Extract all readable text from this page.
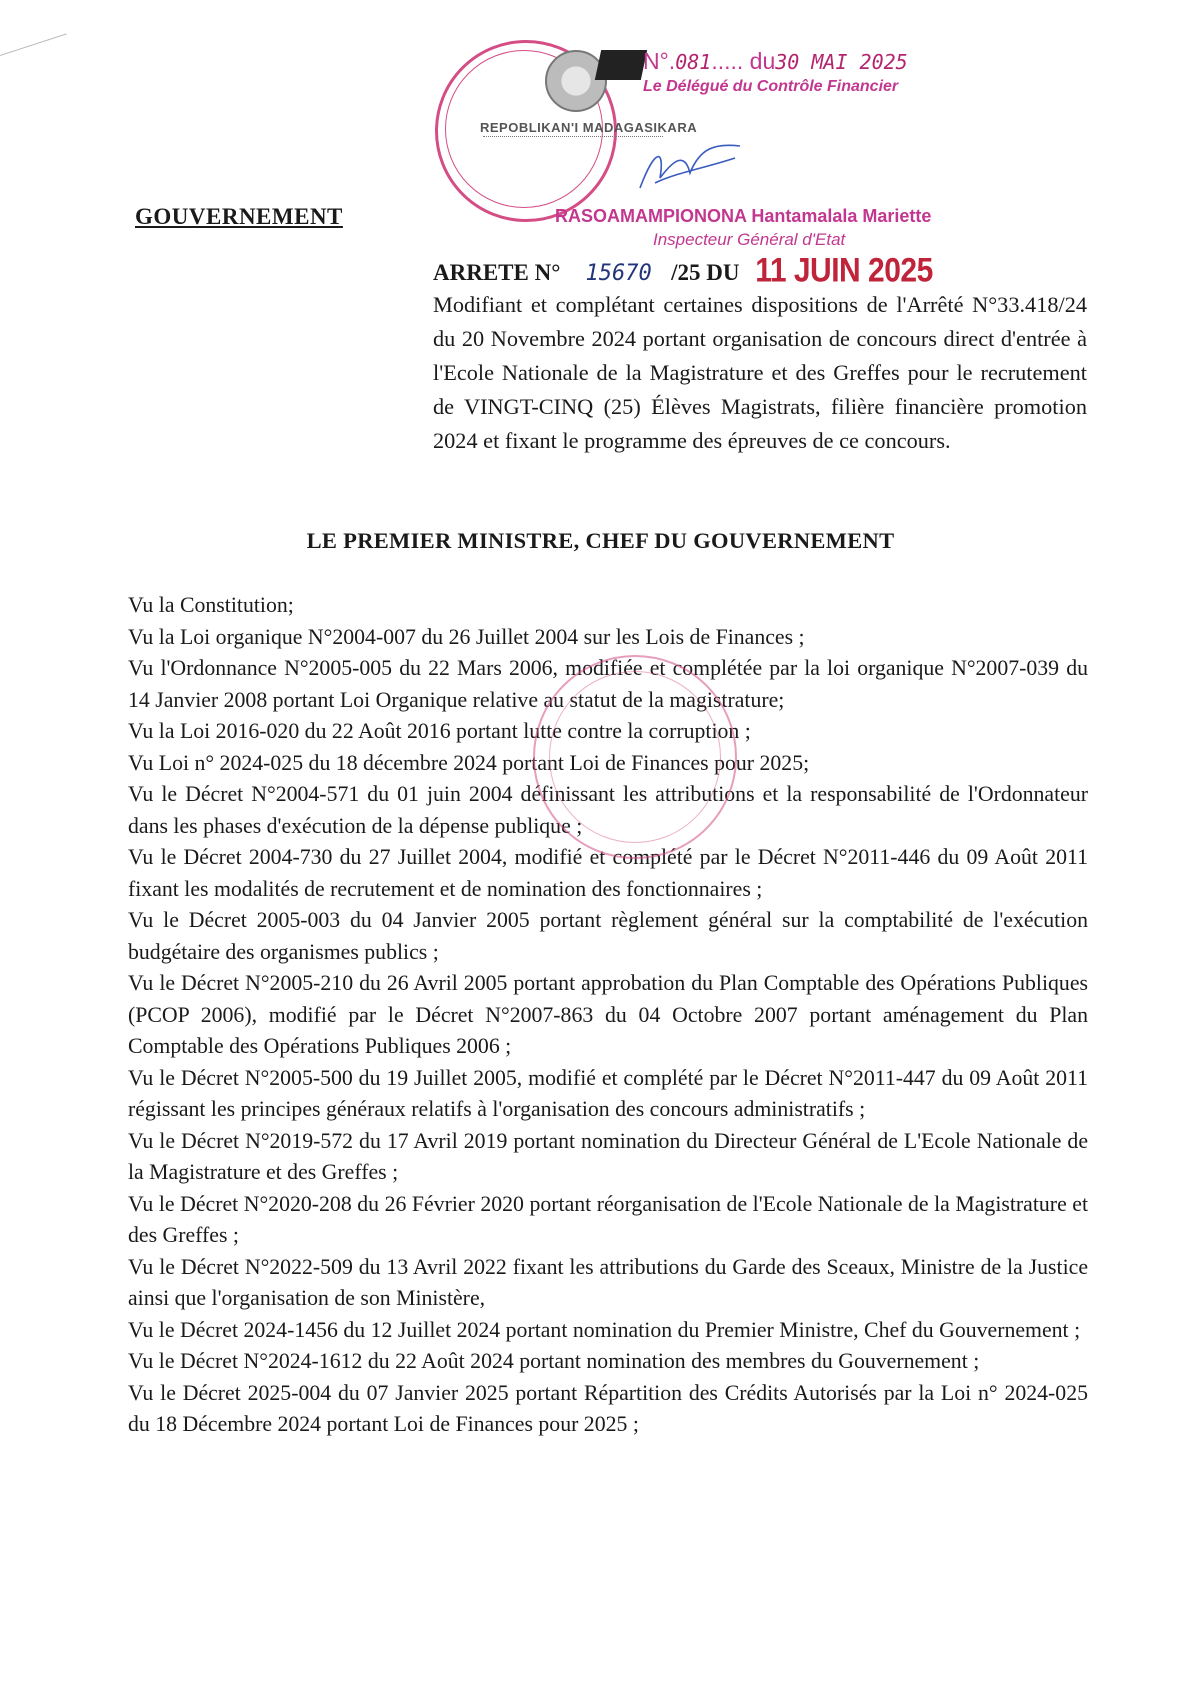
GOUVERNEMENT
N°.081..... du30 MAI 2025
Le Délégué du Contrôle Financier
REPOBLIKAN'I MADAGASIKARA
RASOAMAMPIONONA Hantamalala Mariette
Inspecteur Général d'Etat
ARRETE N° 15670 /25 DU 11 JUIN 2025
Modifiant et complétant certaines dispositions de l'Arrêté N°33.418/24 du 20 Novembre 2024 portant organisation de concours direct d'entrée à l'Ecole Nationale de la Magistrature et des Greffes pour le recrutement de VINGT-CINQ (25) Élèves Magistrats, filière financière promotion 2024 et fixant le programme des épreuves de ce concours.
LE PREMIER MINISTRE, CHEF DU GOUVERNEMENT

Vu la Constitution;

Vu la Loi organique N°2004-007 du 26 Juillet 2004 sur les Lois de Finances ;

Vu l'Ordonnance N°2005-005 du 22 Mars 2006, modifiée et complétée par la loi organique N°2007-039 du 14 Janvier 2008 portant Loi Organique relative au statut de la magistrature;

Vu la Loi 2016-020 du 22 Août 2016 portant lutte contre la corruption ;

Vu Loi n° 2024-025 du 18 décembre 2024 portant Loi de Finances pour 2025;

Vu le Décret N°2004-571 du 01 juin 2004 définissant les attributions et la responsabilité de l'Ordonnateur dans les phases d'exécution de la dépense publique ;

Vu le Décret 2004-730 du 27 Juillet 2004, modifié et complété par le Décret N°2011-446 du 09 Août 2011 fixant les modalités de recrutement et de nomination des fonctionnaires ;

Vu le Décret 2005-003 du 04 Janvier 2005 portant règlement général sur la comptabilité de l'exécution budgétaire des organismes publics ;

Vu le Décret N°2005-210 du 26 Avril 2005 portant approbation du Plan Comptable des Opérations Publiques (PCOP 2006), modifié par le Décret N°2007-863 du 04 Octobre 2007 portant aménagement du Plan Comptable des Opérations Publiques 2006 ;

Vu le Décret N°2005-500 du 19 Juillet 2005, modifié et complété par le Décret N°2011-447 du 09 Août 2011 régissant les principes généraux relatifs à l'organisation des concours administratifs ;

Vu le Décret N°2019-572 du 17 Avril 2019 portant nomination du Directeur Général de L'Ecole Nationale de la Magistrature et des Greffes ;

Vu le Décret N°2020-208 du 26 Février 2020 portant réorganisation de l'Ecole Nationale de la Magistrature et des Greffes ;

Vu le Décret N°2022-509 du 13 Avril 2022 fixant les attributions du Garde des Sceaux, Ministre de la Justice ainsi que l'organisation de son Ministère,

Vu le Décret 2024-1456 du 12 Juillet 2024 portant nomination du Premier Ministre, Chef du Gouvernement ;

Vu le Décret N°2024-1612 du 22 Août 2024 portant nomination des membres du Gouvernement ;

Vu le Décret 2025-004 du 07 Janvier 2025 portant Répartition des Crédits Autorisés par la Loi n° 2024-025 du 18 Décembre 2024 portant Loi de Finances pour 2025 ;
